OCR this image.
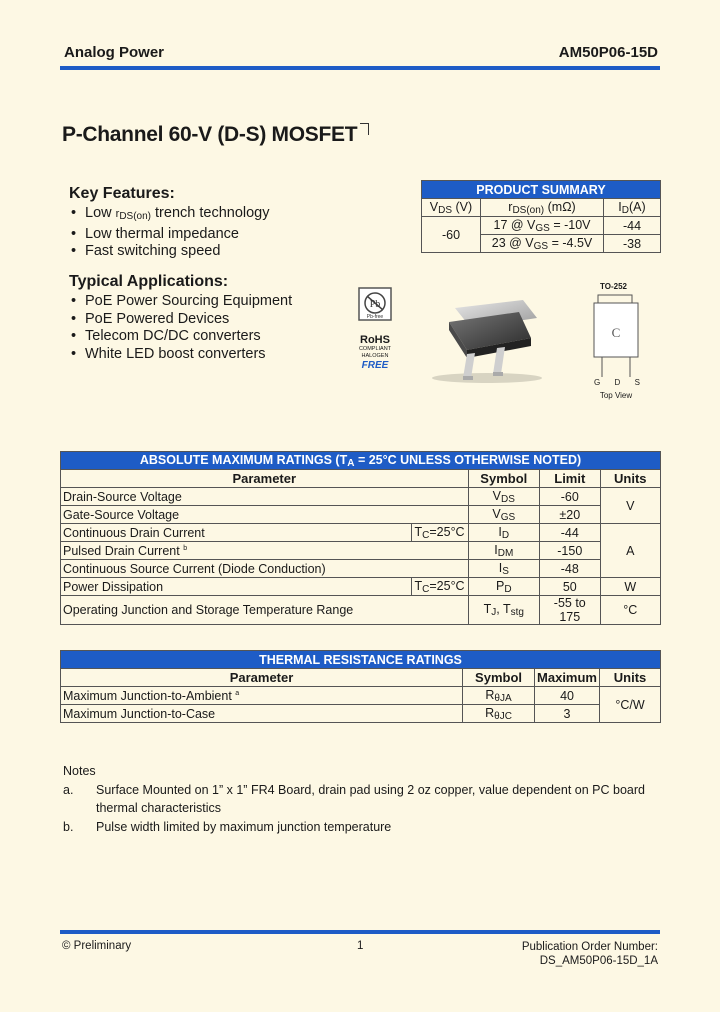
Analog Power	AM50P06-15D
P-Channel 60-V (D-S) MOSFET
Key Features:
• Low $r_{DS(on)}$ trench technology
• Low thermal impedance
• Fast switching speed
Typical Applications:
• PoE Power Sourcing Equipment
• PoE Powered Devices
• Telecom DC/DC converters
• White LED boost converters
PRODUCT SUMMARY		
$V_{DS}$ (V)	$r_{DS(on)}$ (mΩ)	$I_D(A)$
-60	17 @ $V_{GS} = -10V$	-44
	23 @ $V_{GS} = -4.5V$	-38
Pb
Pb-free
RoHS
COMPLIANT
HALOGEN
FREE
TO-252
C
G D S
Top View
ABSOLUTE MAXIMUM RATINGS ($T_A = 25^\circ C$ UNLESS OTHERWISE NOTED)				
Parameter		Symbol	Limit	Units
Drain-Source Voltage		$V_{DS}$	-60	V
Gate-Source Voltage		$V_{GS}$	±20	
Continuous Drain Current	$T_C=25^\circ C$	$I_D$	-44	A
Pulsed Drain Current $^b$		$I_{DM}$	-150	
Continuous Source Current (Diode Conduction)		$I_S$	-48	
Power Dissipation	$T_C=25^\circ C$	$P_D$	50	W
Operating Junction and Storage Temperature Range		$T_J$, $T_{stg}$	-55 to 175	°C
THERMAL RESISTANCE RATINGS			
Parameter	Symbol	Maximum	Units
Maximum Junction-to-Ambient $^a$	$R_{\theta JA}$	40	°C/W
Maximum Junction-to-Case	$R_{\theta JC}$	3	
Notes
a.	Surface Mounted on 1” x 1” FR4 Board, drain pad using 2 oz copper, value dependent on PC board thermal characteristics
b.	Pulse width limited by maximum junction temperature
© Preliminary	1	Publication Order Number:
DS_AM50P06-15D_1A
